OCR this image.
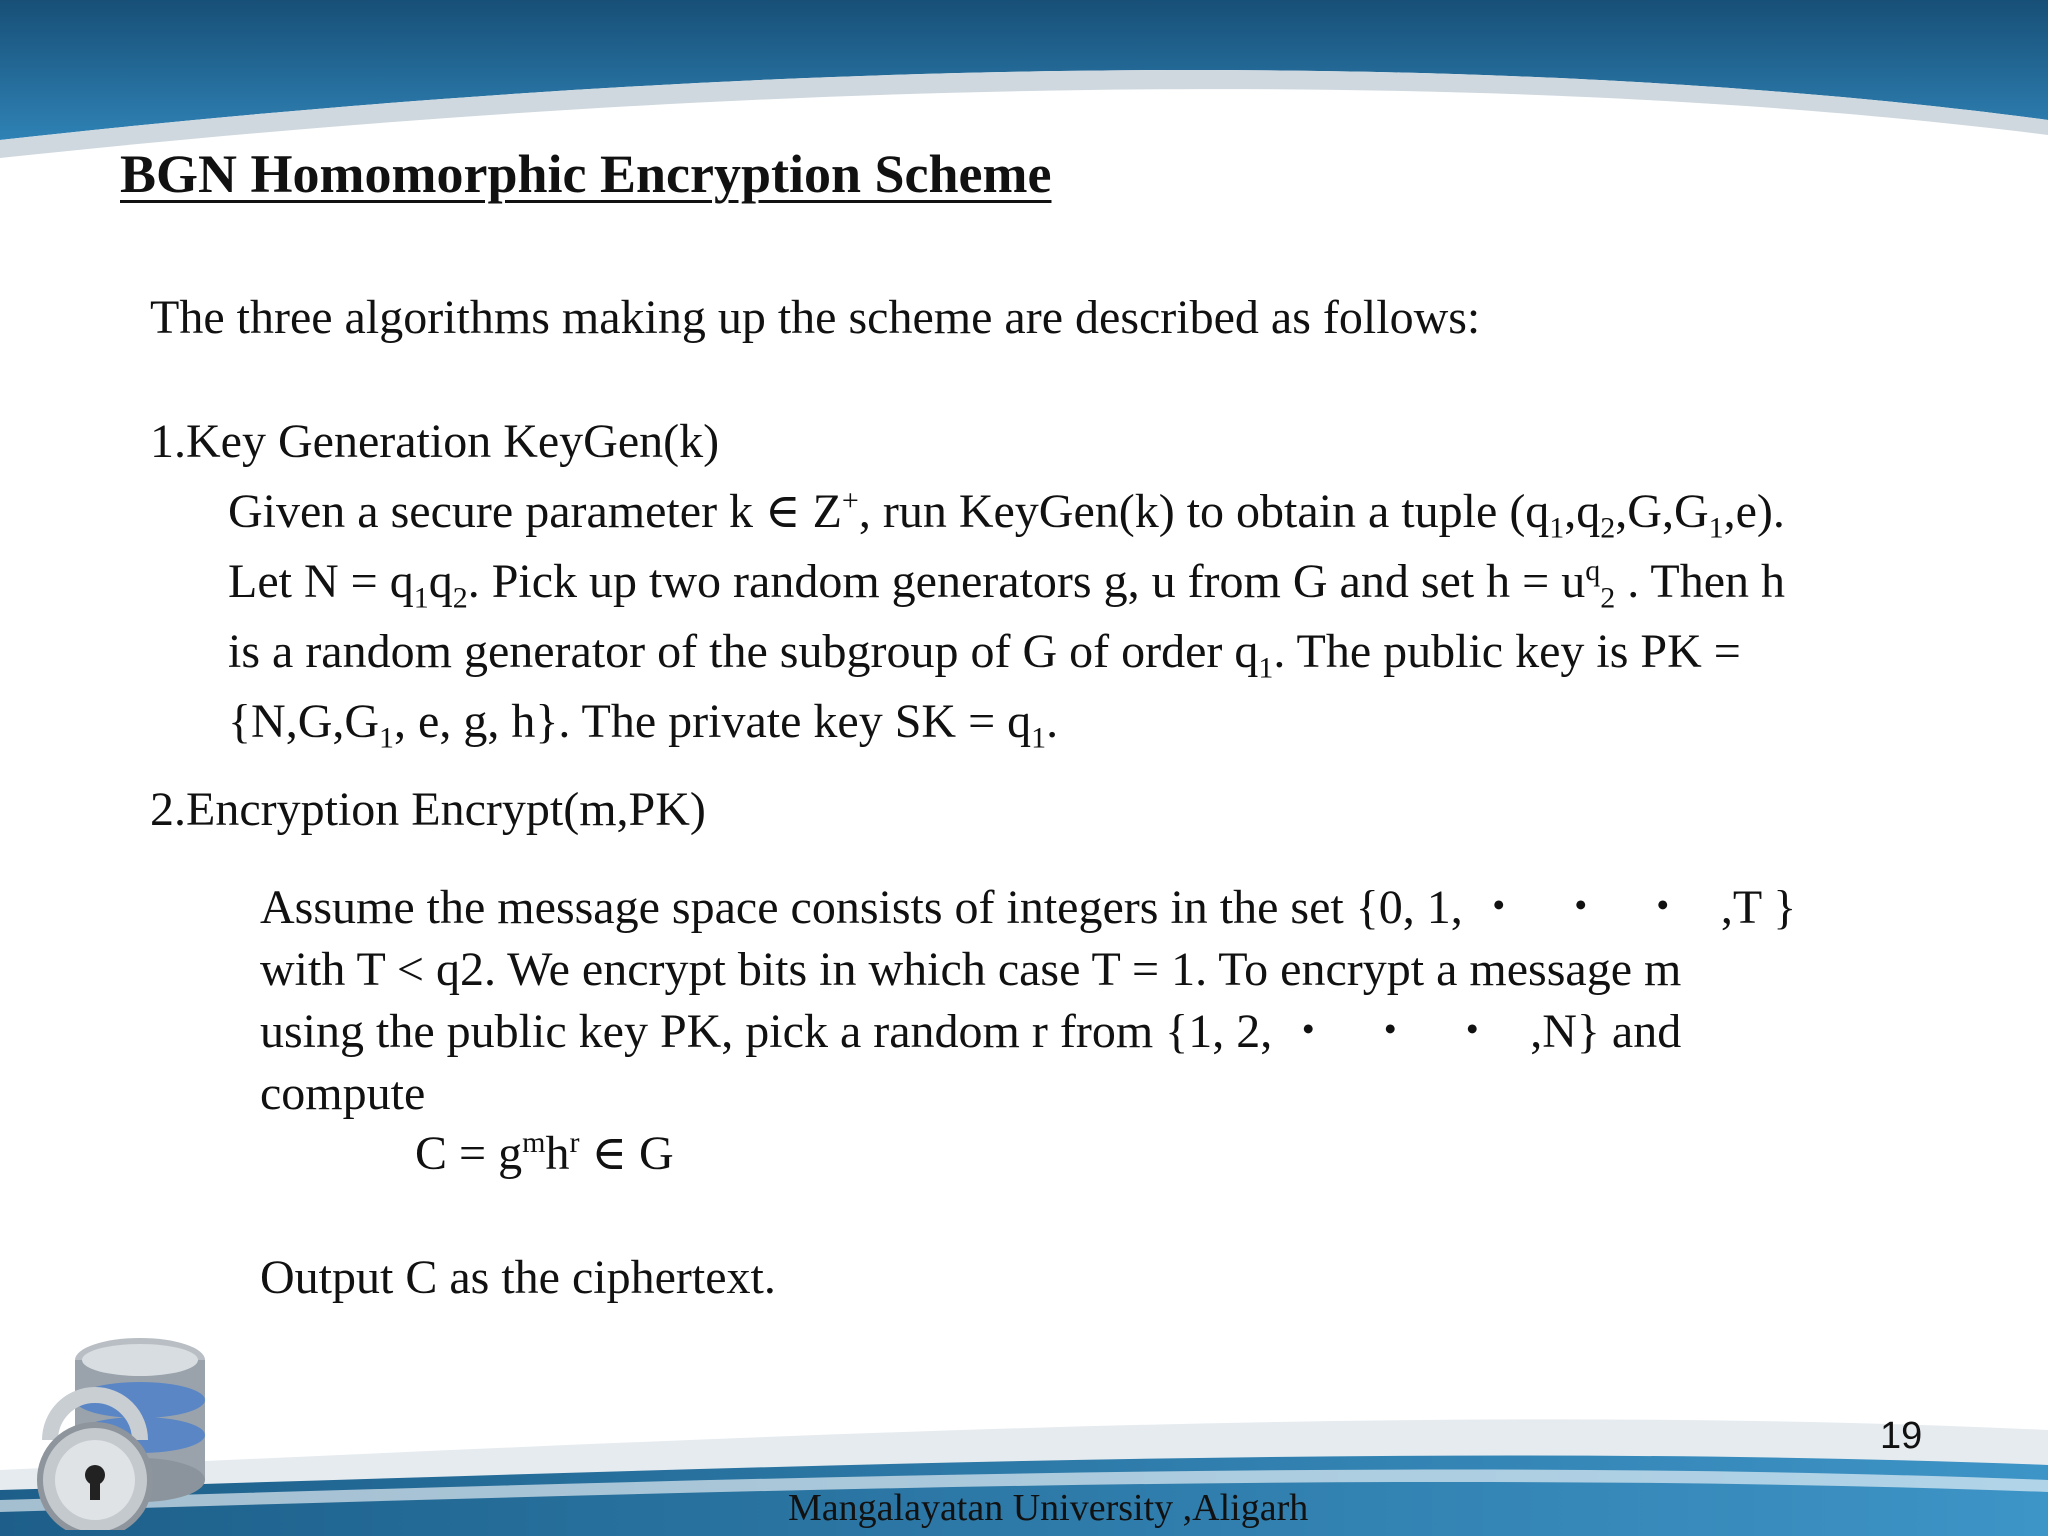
BGN Homomorphic Encryption Scheme
The three algorithms making up the scheme are described as follows:
1.Key Generation KeyGen(k)
Given a secure parameter k ∈ Z+, run KeyGen(k) to obtain a tuple $(q_1,q_2,G,G_1,e)$.
Let $N = q_1q_2$. Pick up two random generators g, u from G and set $h = u^q_2$ . Then h
is a random generator of the subgroup of G of order $q_1$. The public key is PK =
{$N,G,G_1$, e, g, h}. The private key SK = $q_1$.
2.Encryption Encrypt(m,PK)
Assume the message space consists of integers in the set {0, 1, ・・・,T }
with T < q2. We encrypt bits in which case T = 1. To encrypt a message m
using the public key PK, pick a random r from {1, 2, ・・・,N} and
compute
$C = g^mh^r$ ∈ G
Output C as the ciphertext.
19
Mangalayatan University ,Aligarh
